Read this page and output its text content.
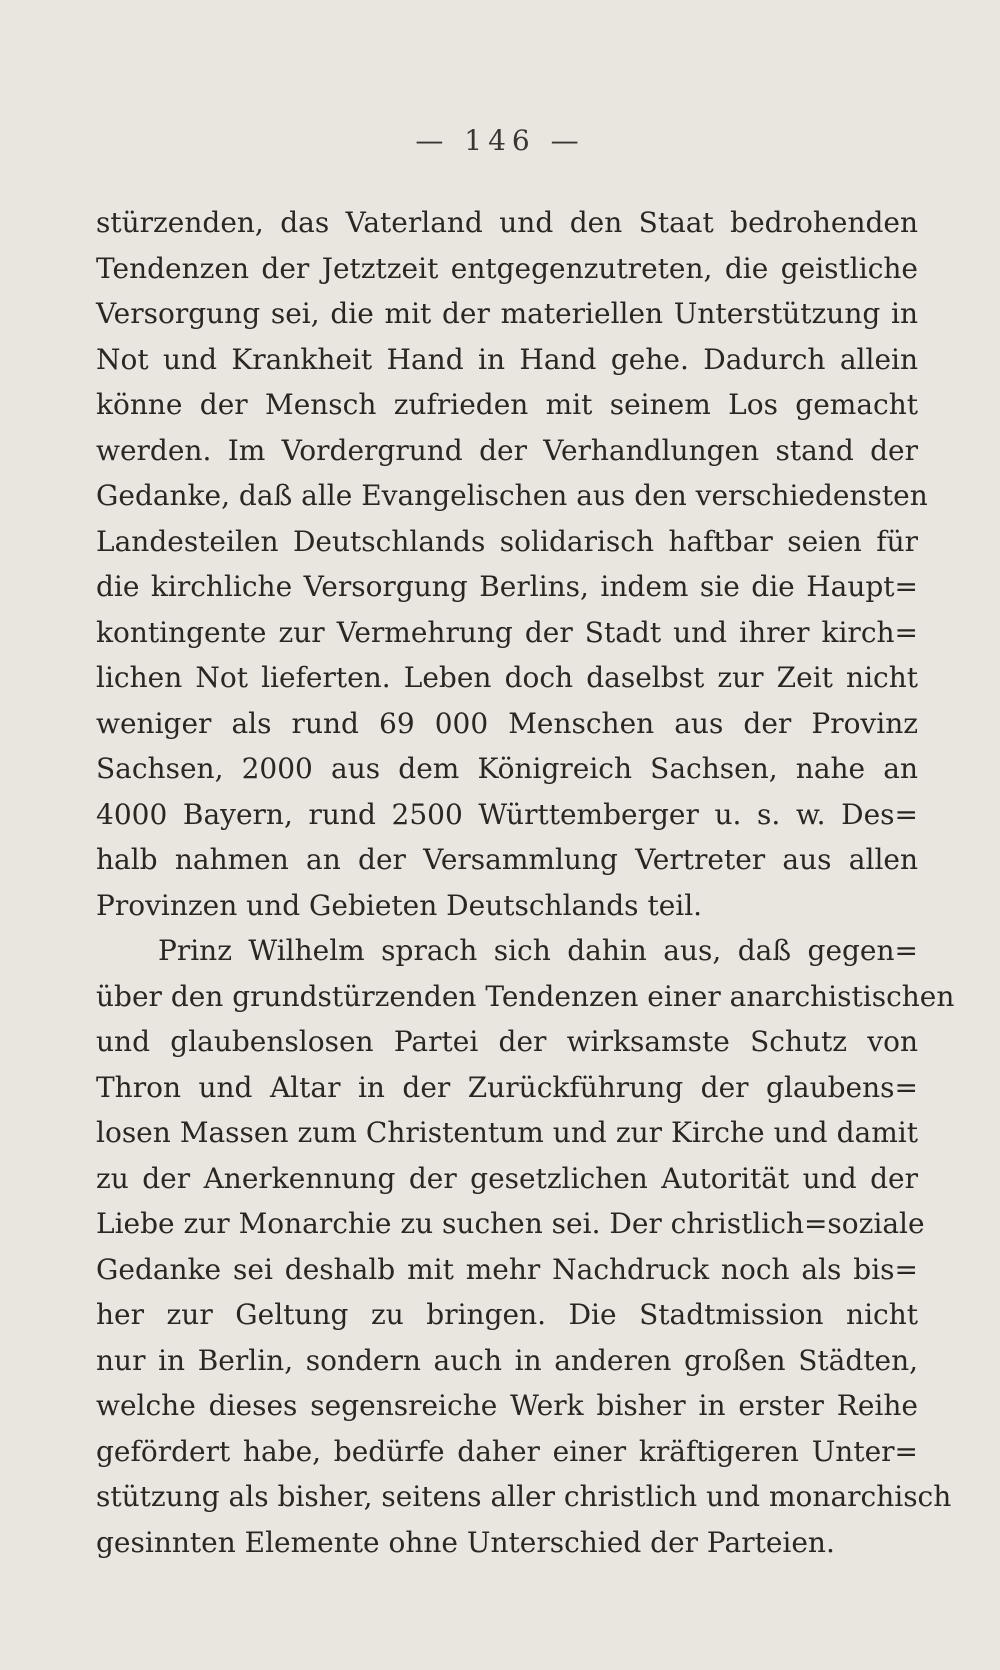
— 146 —
stürzenden, das Vaterland und den Staat bedrohenden
Tendenzen der Jetztzeit entgegenzutreten, die geistliche
Versorgung sei, die mit der materiellen Unterstützung in
Not und Krankheit Hand in Hand gehe. Dadurch allein
könne der Mensch zufrieden mit seinem Los gemacht
werden. Im Vordergrund der Verhandlungen stand der
Gedanke, daß alle Evangelischen aus den verschiedensten
Landesteilen Deutschlands solidarisch haftbar seien für
die kirchliche Versorgung Berlins, indem sie die Haupt=
kontingente zur Vermehrung der Stadt und ihrer kirch=
lichen Not lieferten. Leben doch daselbst zur Zeit nicht
weniger als rund 69 000 Menschen aus der Provinz
Sachsen, 2000 aus dem Königreich Sachsen, nahe an
4000 Bayern, rund 2500 Württemberger u. s. w. Des=
halb nahmen an der Versammlung Vertreter aus allen
Provinzen und Gebieten Deutschlands teil.
Prinz Wilhelm sprach sich dahin aus, daß gegen=
über den grundstürzenden Tendenzen einer anarchistischen
und glaubenslosen Partei der wirksamste Schutz von
Thron und Altar in der Zurückführung der glaubens=
losen Massen zum Christentum und zur Kirche und damit
zu der Anerkennung der gesetzlichen Autorität und der
Liebe zur Monarchie zu suchen sei. Der christlich=soziale
Gedanke sei deshalb mit mehr Nachdruck noch als bis=
her zur Geltung zu bringen. Die Stadtmission nicht
nur in Berlin, sondern auch in anderen großen Städten,
welche dieses segensreiche Werk bisher in erster Reihe
gefördert habe, bedürfe daher einer kräftigeren Unter=
stützung als bisher, seitens aller christlich und monarchisch
gesinnten Elemente ohne Unterschied der Parteien.
